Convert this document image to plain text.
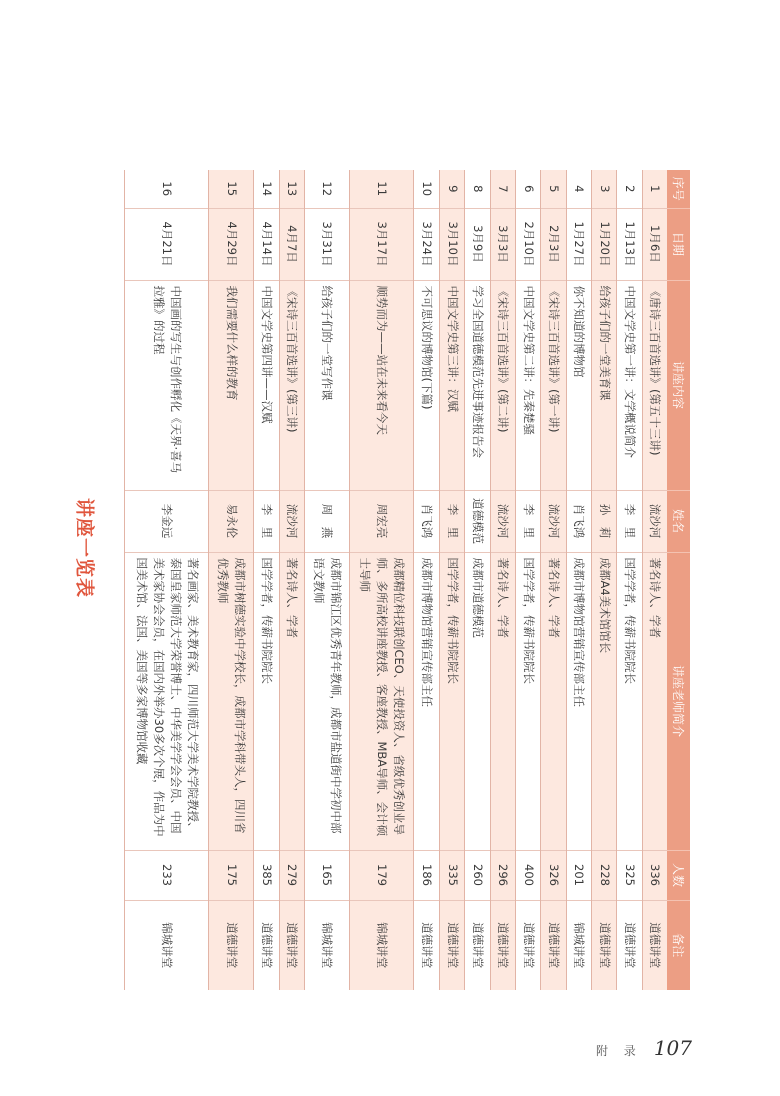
讲座一览表
序号	日期	讲座内容	姓名	讲座老师简介	人数	备注
1	1月6日	《唐诗三百首选讲》(第五十三讲)	流沙河	著名诗人、学者	336	道德讲堂
2	1月13日	中国文学史第一讲：文学概说简介	李　里	国学学者，传薪书院院长	325	道德讲堂
3	1月20日	给孩子们的一堂美育课	孙　莉	成都A4美术馆馆长	228	道德讲堂
4	1月27日	你不知道的博物馆	肖飞鸿	成都市博物馆营销宣传部主任	201	锦城讲堂
5	2月3日	《宋诗三百首选讲》(第一讲)	流沙河	著名诗人、学者	326	道德讲堂
6	2月10日	中国文学史第二讲：先秦楚骚	李　里	国学学者，传薪书院院长	400	道德讲堂
7	3月3日	《宋诗三百首选讲》(第二讲)	流沙河	著名诗人、学者	296	道德讲堂
8	3月9日	学习全国道德模范先进事迹报告会	道德模范	成都市道德模范	260	道德讲堂
9	3月10日	中国文学史第三讲：汉赋	李　里	国学学者，传薪书院院长	335	道德讲堂
10	3月24日	不可思议的博物馆(下篇)	肖飞鸿	成都市博物馆营销宣传部主任	186	道德讲堂
11	3月17日	顺势而为——站在未来看今天	周宏亮	成都精位科技联创CEO、天使投资人、省级优秀创业导师、多所高校讲座教授、客座教授、MBA导师、会计硕士导师	179	锦城讲堂
12	3月31日	给孩子们的一堂写作课	周　燕	成都市锦江区优秀青年教师，成都市盐道街中学初中部语文教师	165	锦城讲堂
13	4月7日	《宋诗三百首选讲》(第三讲)	流沙河	著名诗人、学者	279	道德讲堂
14	4月14日	中国文学史第四讲——汉赋	李　里	国学学者，传薪书院院长	385	道德讲堂
15	4月29日	我们需要什么样的教育	易永伦	成都市树德实验中学校长，成都市学科带头人，四川省优秀教师	175	道德讲堂
16	4月21日	中国画的写生与创作孵化《天界·喜马拉雅》的过程	李金远	著名画家、美术教育家，四川师范大学美术学院教授、泰国皇家师范大学荣誉博士、中华美学学会会员、中国美术家协会会员，在国内外举办30多次个展，作品为中国美术馆、法国、美国等多家博物馆收藏	233	锦城讲堂
附 录 107
